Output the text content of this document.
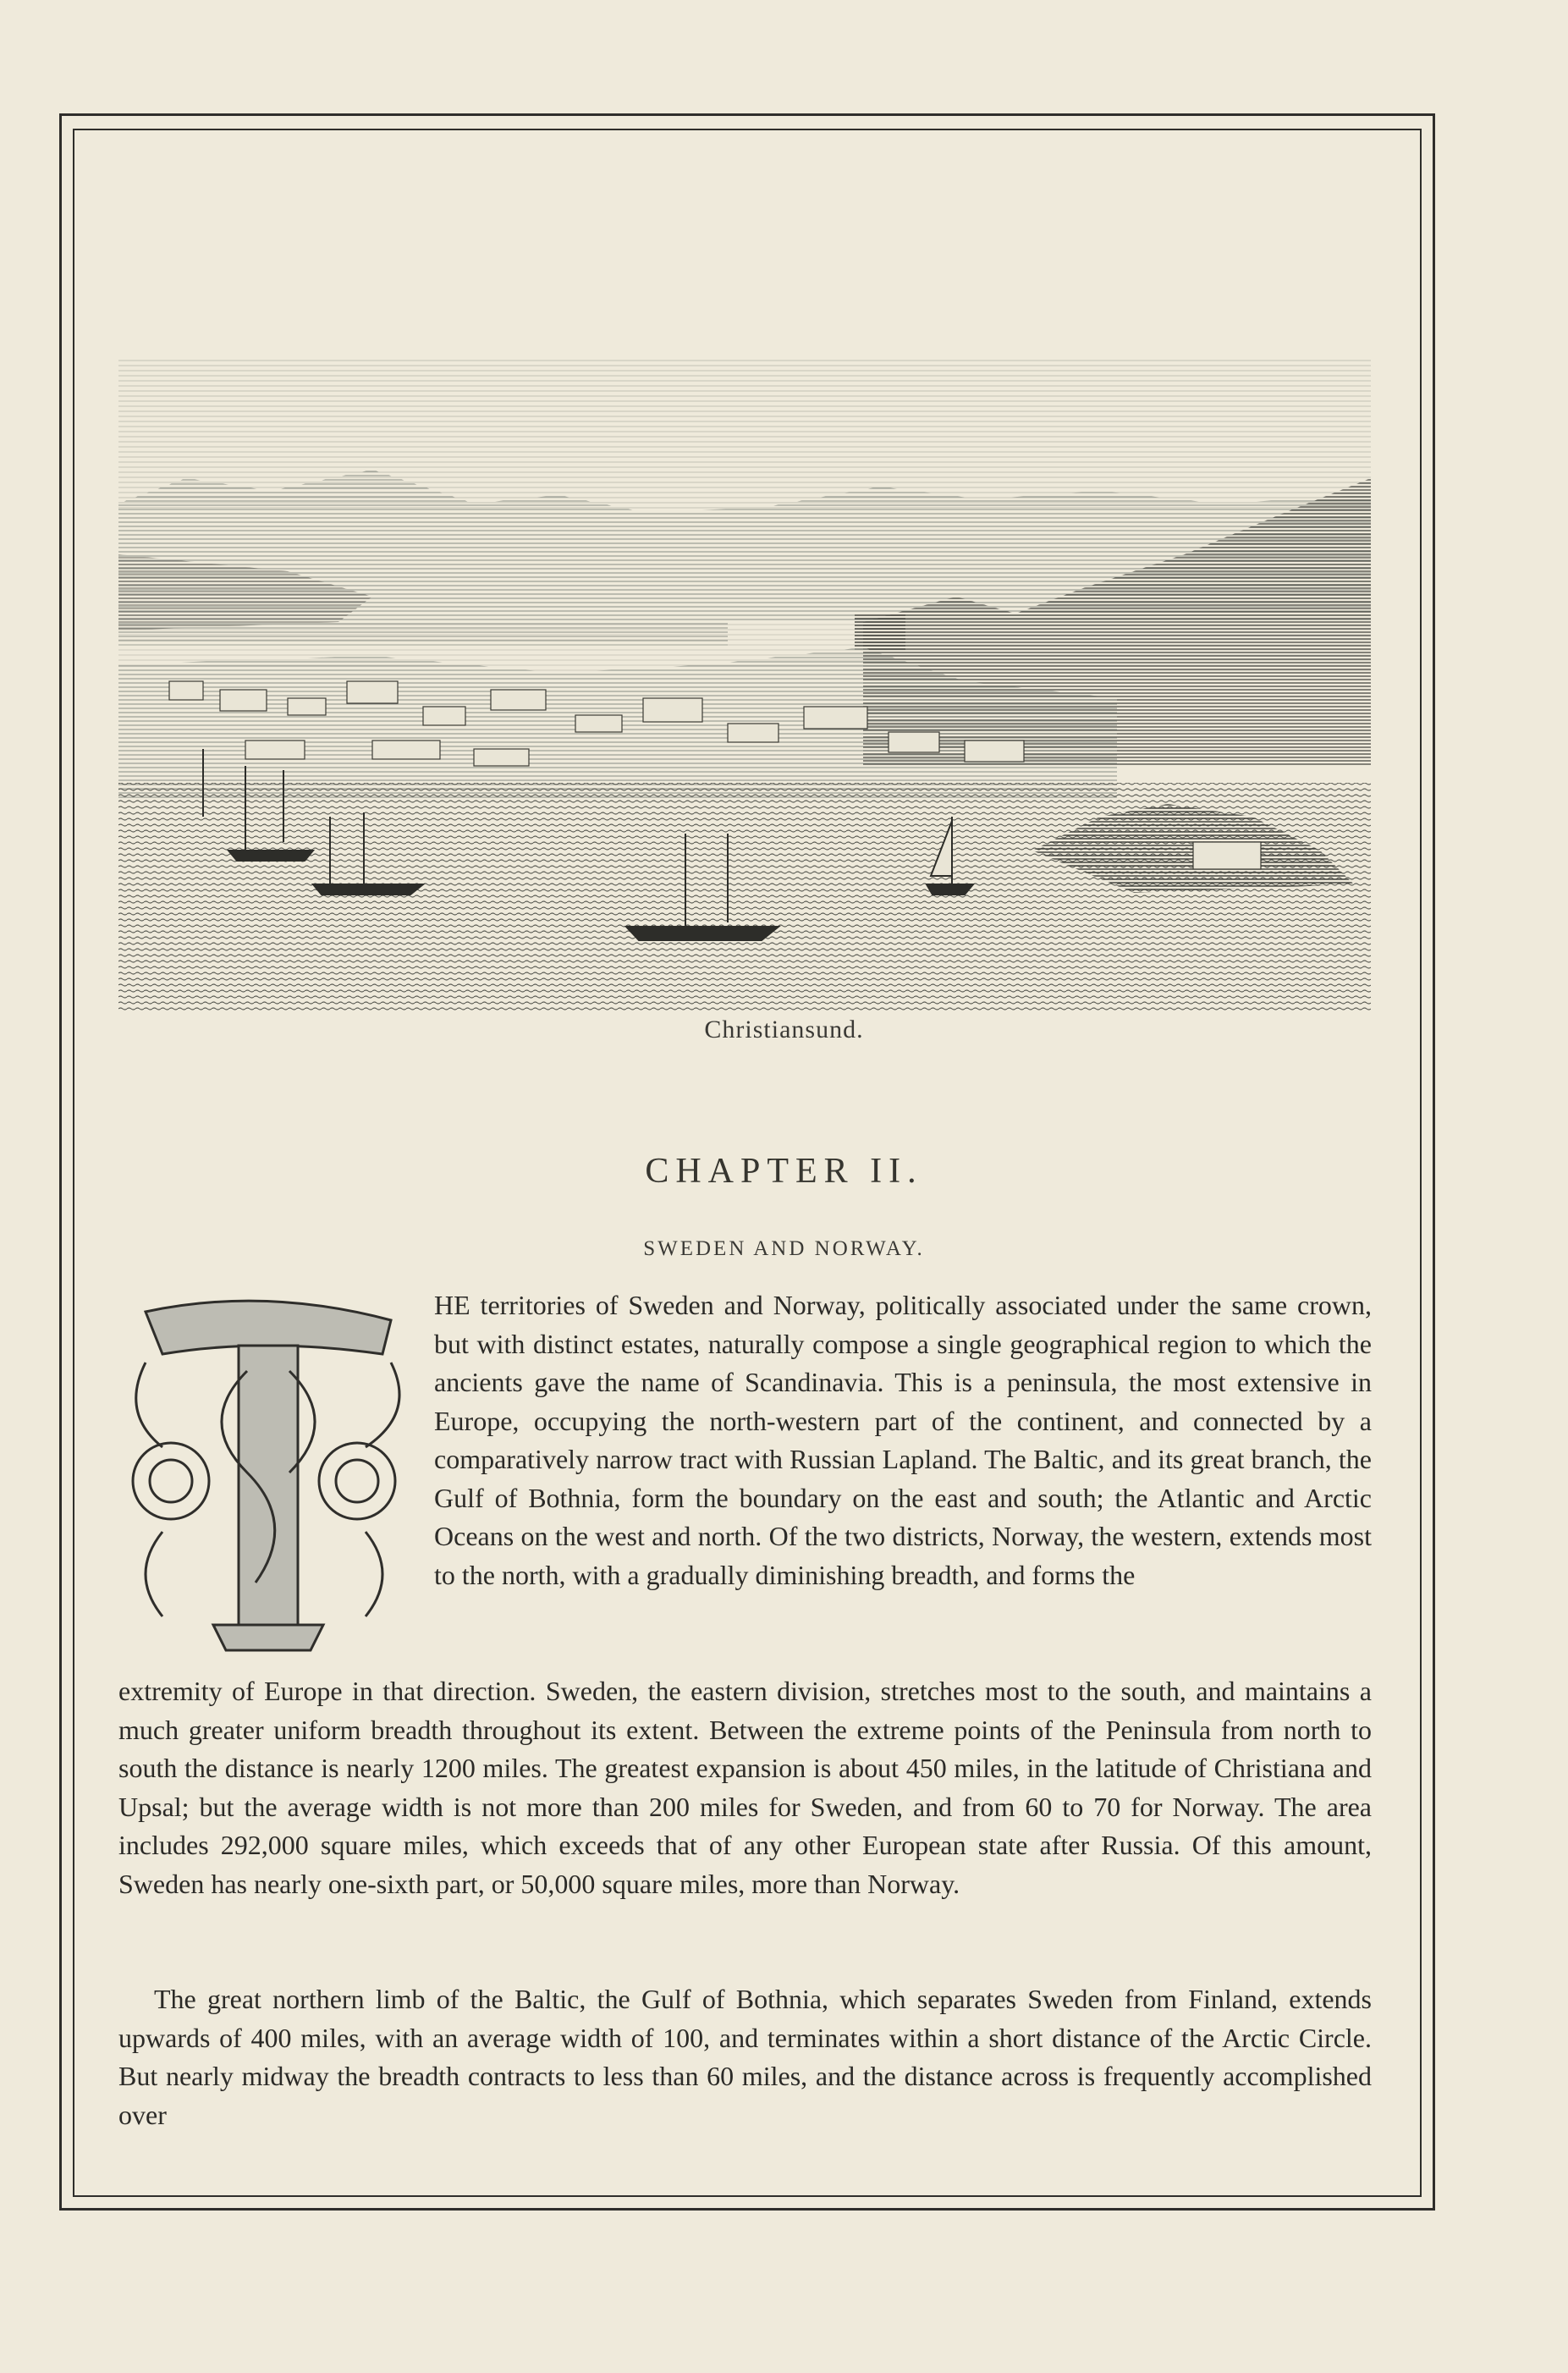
Christiansund.
CHAPTER II.
SWEDEN AND NORWAY.

HE territories of Sweden and Norway, politically associated under the same crown, but with distinct estates, naturally compose a single geographical region to which the ancients gave the name of Scandinavia. This is a peninsula, the most extensive in Europe, occupying the north-western part of the continent, and connected by a comparatively narrow tract with Russian Lapland. The Baltic, and its great branch, the Gulf of Bothnia, form the boundary on the east and south; the Atlantic and Arctic Oceans on the west and north. Of the two districts, Norway, the western, extends most to the north, with a gradually diminishing breadth, and forms the

extremity of Europe in that direction. Sweden, the eastern division, stretches most to the south, and maintains a much greater uniform breadth throughout its extent. Between the extreme points of the Peninsula from north to south the distance is nearly 1200 miles. The greatest expansion is about 450 miles, in the latitude of Christiana and Upsal; but the average width is not more than 200 miles for Sweden, and from 60 to 70 for Norway. The area includes 292,000 square miles, which exceeds that of any other European state after Russia. Of this amount, Sweden has nearly one-sixth part, or 50,000 square miles, more than Norway.

The great northern limb of the Baltic, the Gulf of Bothnia, which separates Sweden from Finland, extends upwards of 400 miles, with an average width of 100, and terminates within a short distance of the Arctic Circle. But nearly midway the breadth contracts to less than 60 miles, and the distance across is frequently accomplished over
